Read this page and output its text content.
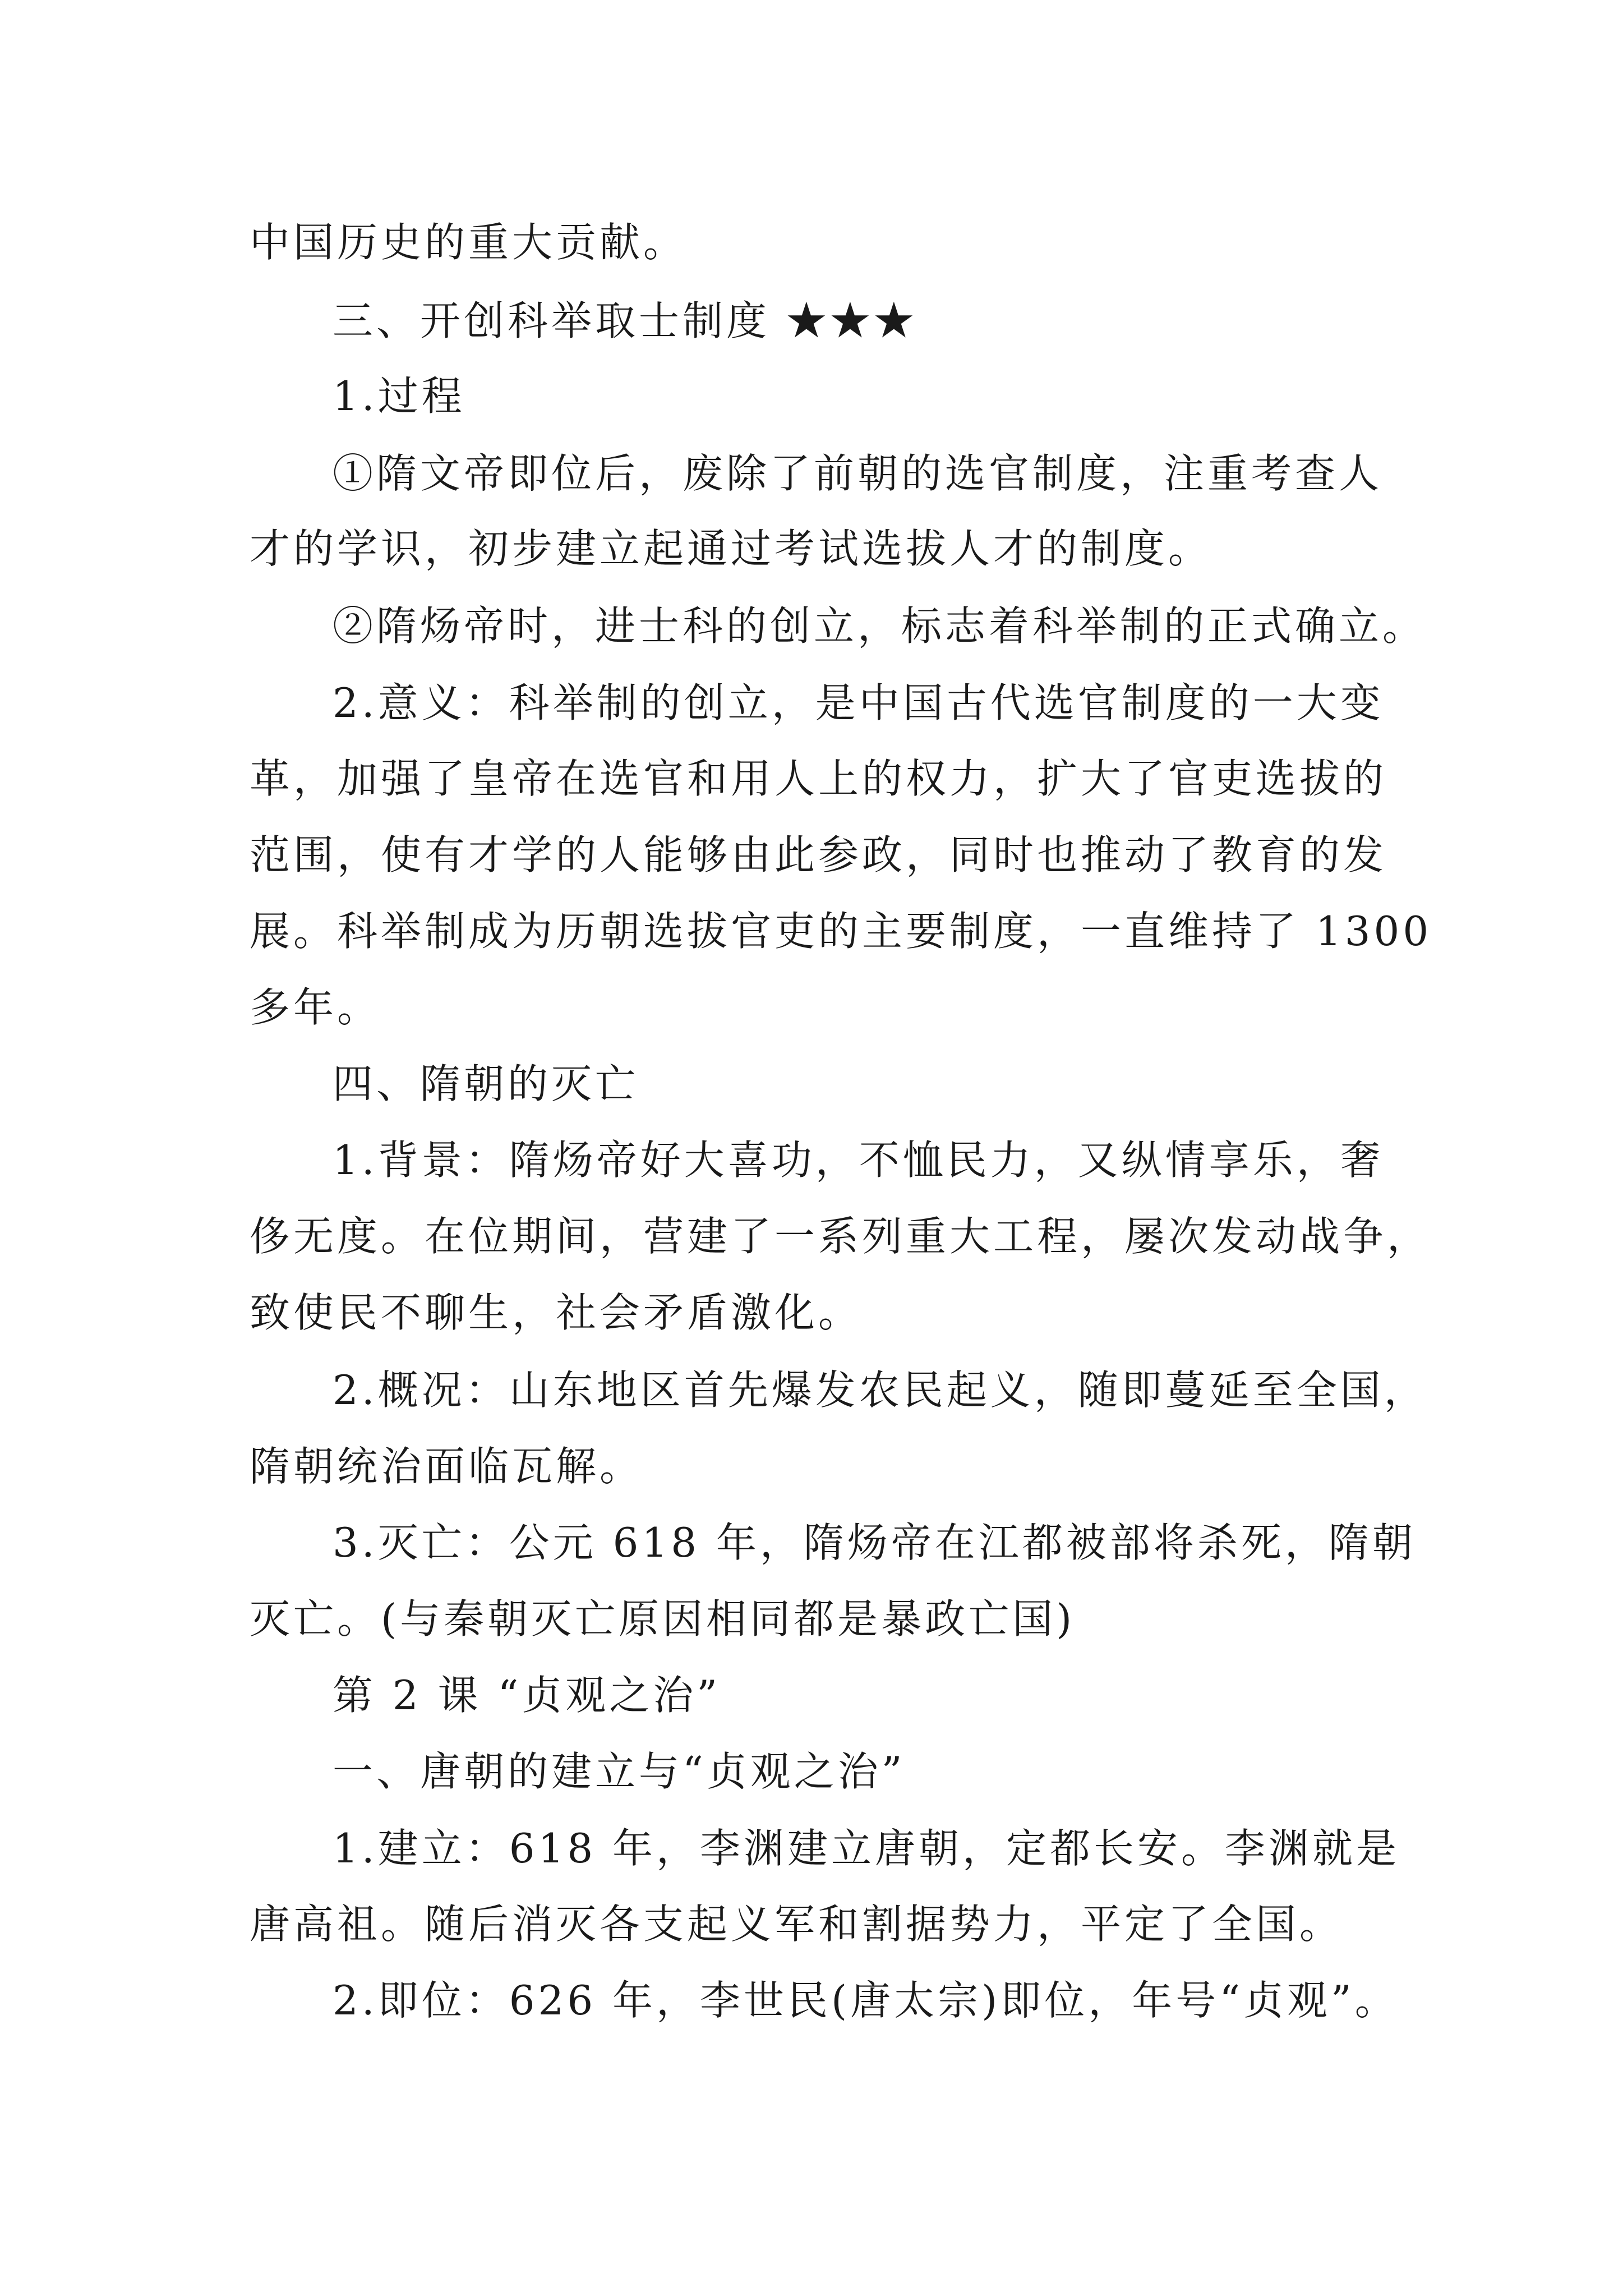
中国历史的重大贡献。
三、开创科举取士制度 ★★★
1.过程
①隋文帝即位后，废除了前朝的选官制度，注重考查人
才的学识，初步建立起通过考试选拔人才的制度。
②隋炀帝时，进士科的创立，标志着科举制的正式确立。
2.意义：科举制的创立，是中国古代选官制度的一大变
革，加强了皇帝在选官和用人上的权力，扩大了官吏选拔的
范围，使有才学的人能够由此参政，同时也推动了教育的发
展。科举制成为历朝选拔官吏的主要制度，一直维持了 1300
多年。
四、隋朝的灭亡
1.背景：隋炀帝好大喜功，不恤民力，又纵情享乐，奢
侈无度。在位期间，营建了一系列重大工程，屡次发动战争，
致使民不聊生，社会矛盾激化。
2.概况：山东地区首先爆发农民起义，随即蔓延至全国，
隋朝统治面临瓦解。
3.灭亡：公元 618 年，隋炀帝在江都被部将杀死，隋朝
灭亡。(与秦朝灭亡原因相同都是暴政亡国)
第 2 课 “贞观之治”
一、唐朝的建立与“贞观之治”
1.建立：618 年，李渊建立唐朝，定都长安。李渊就是
唐高祖。随后消灭各支起义军和割据势力，平定了全国。
2.即位：626 年，李世民(唐太宗)即位，年号“贞观”。
